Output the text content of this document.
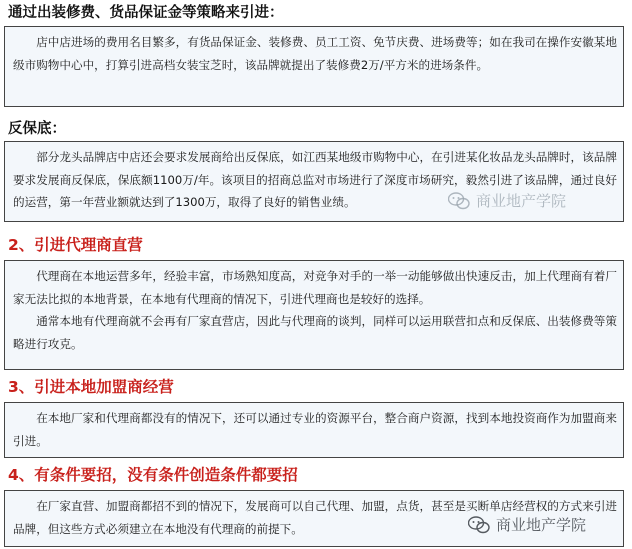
通过出装修费、货品保证金等策略来引进：

店中店进场的费用名目繁多，有货品保证金、装修费、员工工资、免节庆费、进场费等；如在我司在操作安徽某地级市购物中心中，打算引进高档女装宝芝时，该品牌就提出了装修费2万/平方米的进场条件。

反保底：

部分龙头品牌店中店还会要求发展商给出反保底，如江西某地级市购物中心，在引进某化妆品龙头品牌时，该品牌要求发展商反保底，保底额1100万/年。该项目的招商总监对市场进行了深度市场研究，毅然引进了该品牌，通过良好的运营，第一年营业额就达到了1300万，取得了良好的销售业绩。

2、引进代理商直营

代理商在本地运营多年，经验丰富，市场熟知度高，对竞争对手的一举一动能够做出快速反击，加上代理商有着厂家无法比拟的本地背景，在本地有代理商的情况下，引进代理商也是较好的选择。

通常本地有代理商就不会再有厂家直营店，因此与代理商的谈判，同样可以运用联营扣点和反保底、出装修费等策略进行攻克。

3、引进本地加盟商经营

在本地厂家和代理商都没有的情况下，还可以通过专业的资源平台，整合商户资源，找到本地投资商作为加盟商来引进。

4、有条件要招，没有条件创造条件都要招

在厂家直营、加盟商都招不到的情况下，发展商可以自己代理、加盟，点货，甚至是买断单店经营权的方式来引进品牌，但这些方式必须建立在本地没有代理商的前提下。

商业地产学院
商业地产学院
